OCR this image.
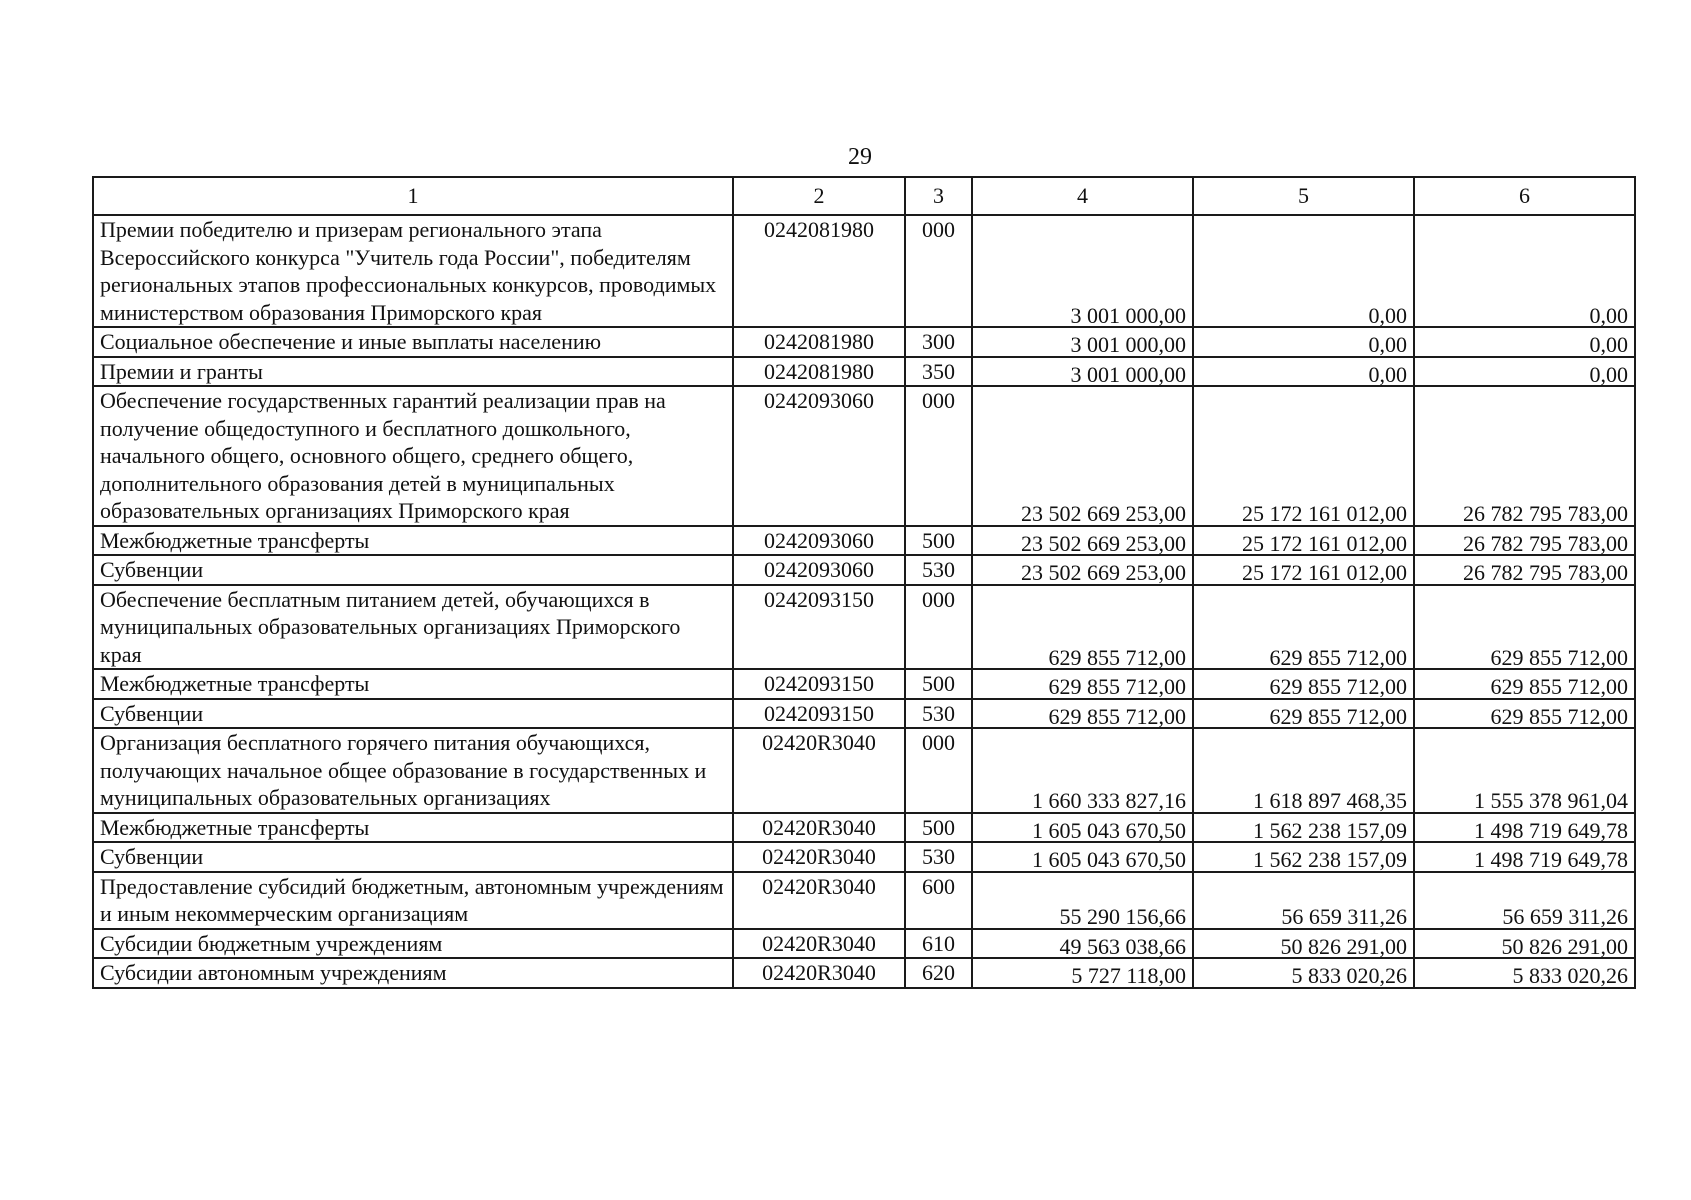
29
1	2	3	4	5	6
Премии победителю и призерам регионального этапа Всероссийского конкурса "Учитель года России", победителям региональных этапов профессиональных конкурсов, проводимых министерством образования Приморского края	0242081980	000	3 001 000,00	0,00	0,00
Социальное обеспечение и иные выплаты населению	0242081980	300	3 001 000,00	0,00	0,00
Премии и гранты	0242081980	350	3 001 000,00	0,00	0,00
Обеспечение государственных гарантий реализации прав на получение общедоступного и бесплатного дошкольного, начального общего, основного общего, среднего общего, дополнительного образования детей в муниципальных образовательных организациях Приморского края	0242093060	000	23 502 669 253,00	25 172 161 012,00	26 782 795 783,00
Межбюджетные трансферты	0242093060	500	23 502 669 253,00	25 172 161 012,00	26 782 795 783,00
Субвенции	0242093060	530	23 502 669 253,00	25 172 161 012,00	26 782 795 783,00
Обеспечение бесплатным питанием детей, обучающихся в муниципальных образовательных организациях Приморского края	0242093150	000	629 855 712,00	629 855 712,00	629 855 712,00
Межбюджетные трансферты	0242093150	500	629 855 712,00	629 855 712,00	629 855 712,00
Субвенции	0242093150	530	629 855 712,00	629 855 712,00	629 855 712,00
Организация бесплатного горячего питания обучающихся, получающих начальное общее образование в государственных и муниципальных образовательных организациях	02420R3040	000	1 660 333 827,16	1 618 897 468,35	1 555 378 961,04
Межбюджетные трансферты	02420R3040	500	1 605 043 670,50	1 562 238 157,09	1 498 719 649,78
Субвенции	02420R3040	530	1 605 043 670,50	1 562 238 157,09	1 498 719 649,78
Предоставление субсидий бюджетным, автономным учреждениям и иным некоммерческим организациям	02420R3040	600	55 290 156,66	56 659 311,26	56 659 311,26
Субсидии бюджетным учреждениям	02420R3040	610	49 563 038,66	50 826 291,00	50 826 291,00
Субсидии автономным учреждениям	02420R3040	620	5 727 118,00	5 833 020,26	5 833 020,26
